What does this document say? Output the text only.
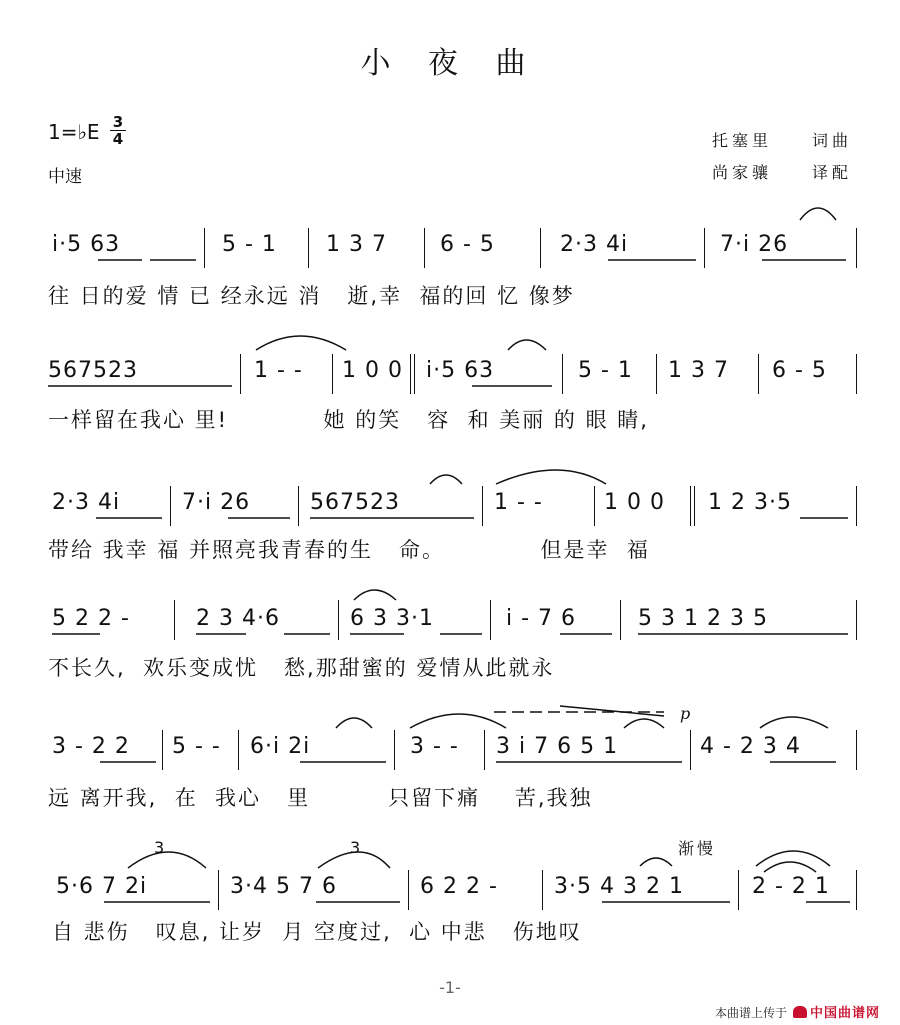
小 夜 曲
1=♭E 3
4
中速
托塞里 词曲
尚家骧 译配
i·5 63	5 - 1 1 3 7 6 - 5	2·3 4i	7·i 26
往 日的爱 情 已 经永远 消   逝,幸  福的回 忆 像梦
567523	1 - - 1 0 0 i·5 63	5 - 1 1 3 7 6 - 5
一样留在我心 里!           她 的笑   容  和 美丽 的 眼 睛,
2·3 4i	7·i 26	567523	1 - -	1 0 0 1 2 3·5
带给 我幸 福 并照亮我青春的生   命。           但是幸  福
5 2 2 -	2 3 4·6	6 3 3·1	i - 7 6	5 3 1 2 3 5
不长久,  欢乐变成忧   愁,那甜蜜的 爱情从此就永
p
3 - 2 2 5 - - 6·i 2i	3 - - 3 i 7 6 5 1	4 - 2 3 4
远 离开我,  在  我心   里         只留下痛    苦,我独
3	3	渐慢
5·6 7 2i	3·4 5 7 6	6 2 2 -	3·5 4 3 2 1	2 - 2 1
自 悲伤   叹息, 让岁  月 空度过,  心 中悲   伤地叹
-1-
本曲谱上传于 中国曲谱网
